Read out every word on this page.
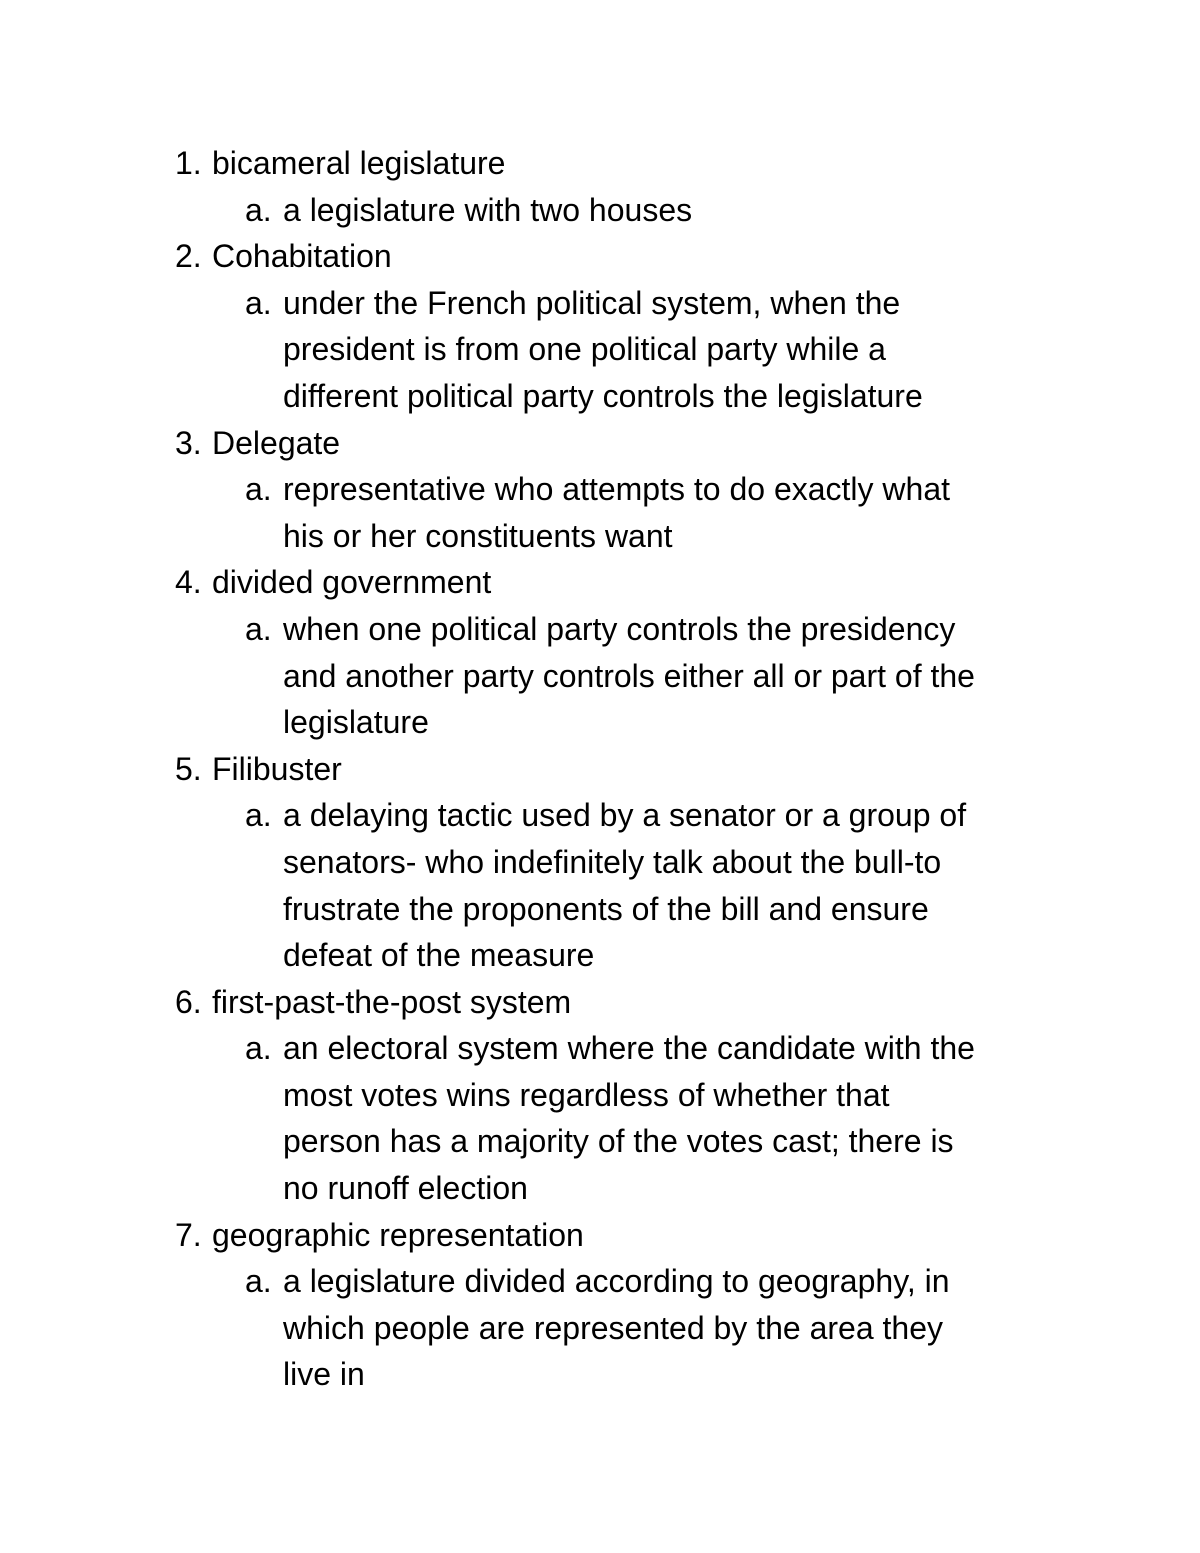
1. bicameral legislature
a. a legislature with two houses
2. Cohabitation
a. under the French political system, when the
president is from one political party while a
different political party controls the legislature
3. Delegate
a. representative who attempts to do exactly what
his or her constituents want
4. divided government
a. when one political party controls the presidency
and another party controls either all or part of the
legislature
5. Filibuster
a. a delaying tactic used by a senator or a group of
senators- who indefinitely talk about the bull-to
frustrate the proponents of the bill and ensure
defeat of the measure
6. first-past-the-post system
a. an electoral system where the candidate with the
most votes wins regardless of whether that
person has a majority of the votes cast; there is
no runoff election
7. geographic representation
a. a legislature divided according to geography, in
which people are represented by the area they
live in
